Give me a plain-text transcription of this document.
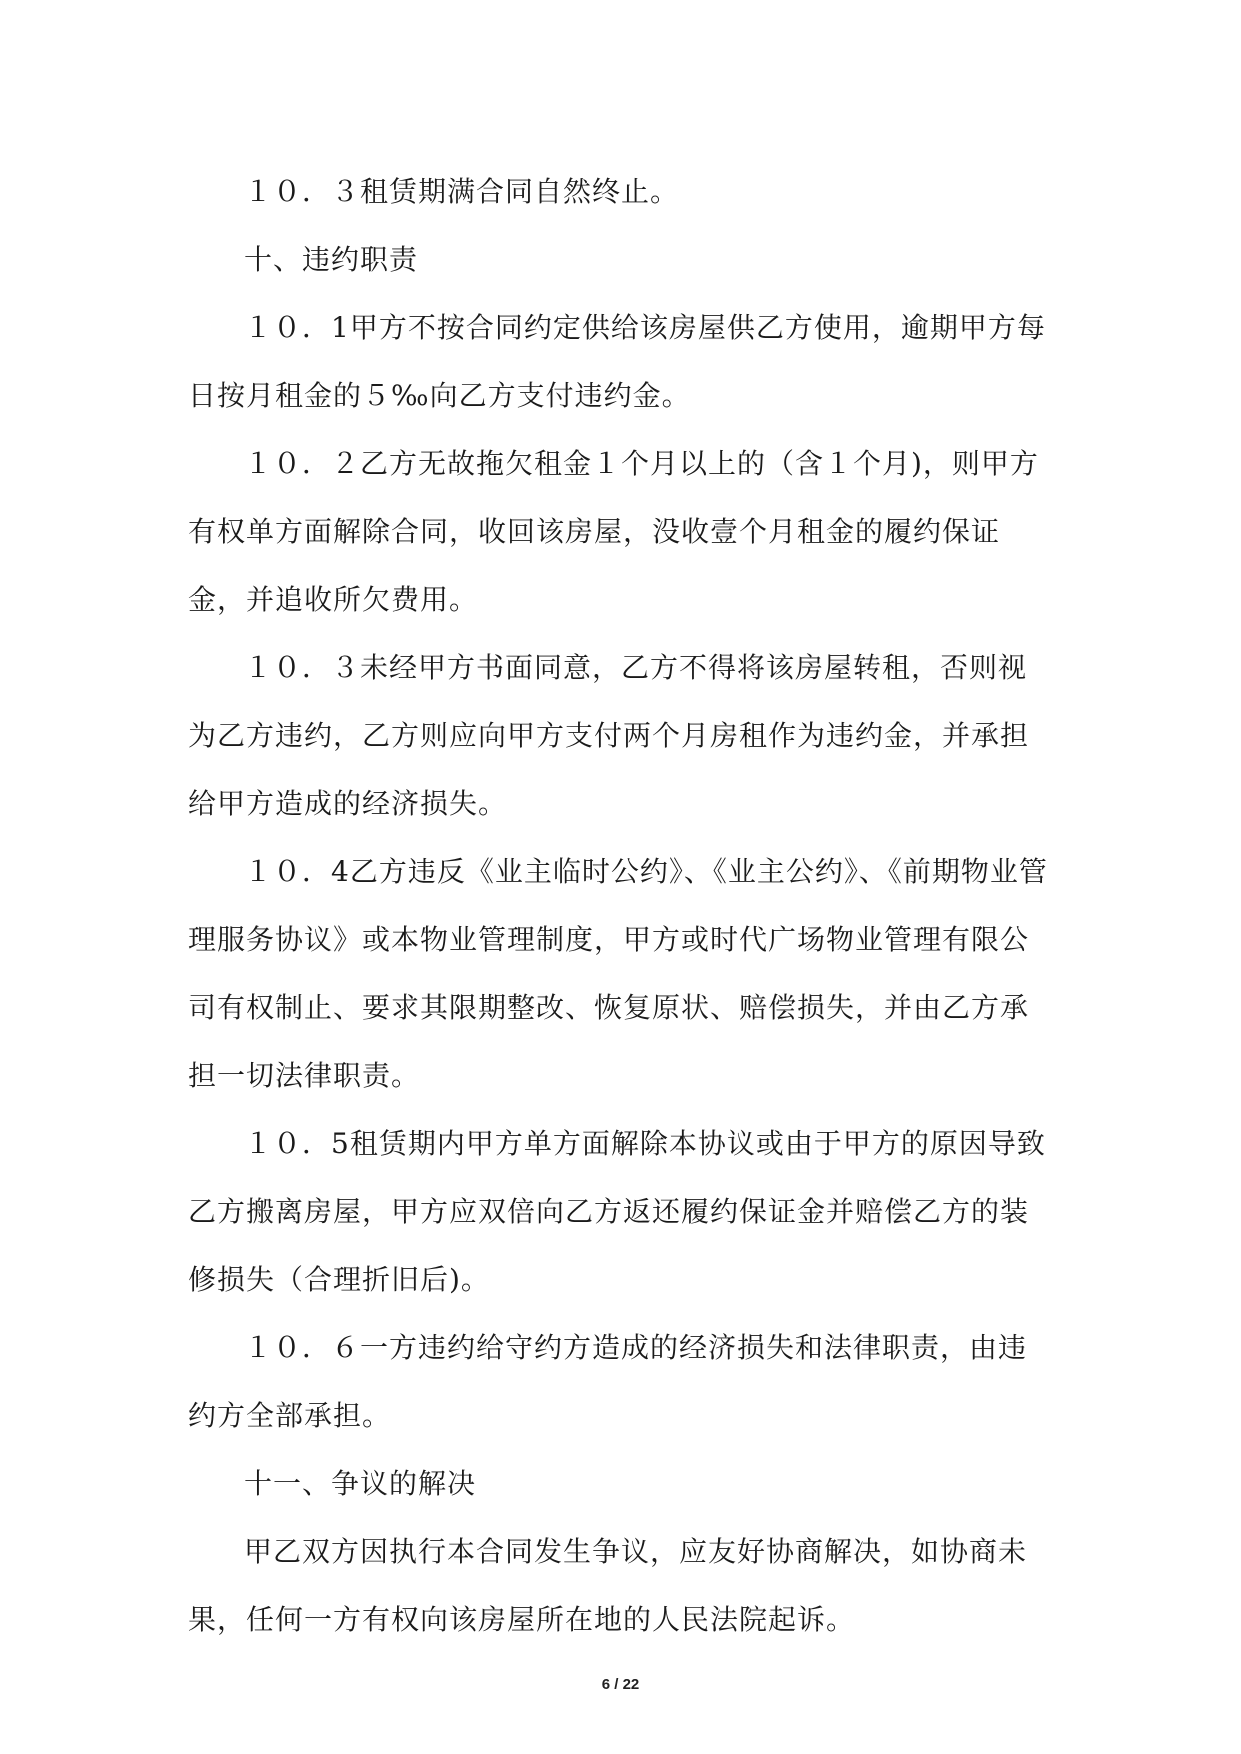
１０．３租赁期满合同自然终止。

十、违约职责

１０．1甲方不按合同约定供给该房屋供乙方使用，逾期甲方每日按月租金的５‰向乙方支付违约金。

１０．２乙方无故拖欠租金１个月以上的（含１个月)，则甲方有权单方面解除合同，收回该房屋，没收壹个月租金的履约保证金，并追收所欠费用。

１０．３未经甲方书面同意，乙方不得将该房屋转租，否则视为乙方违约，乙方则应向甲方支付两个月房租作为违约金，并承担给甲方造成的经济损失。

１０．4乙方违反《业主临时公约》、《业主公约》、《前期物业管理服务协议》或本物业管理制度，甲方或时代广场物业管理有限公司有权制止、要求其限期整改、恢复原状、赔偿损失，并由乙方承担一切法律职责。

１０．5租赁期内甲方单方面解除本协议或由于甲方的原因导致乙方搬离房屋，甲方应双倍向乙方返还履约保证金并赔偿乙方的装修损失（合理折旧后)。

１０．６一方违约给守约方造成的经济损失和法律职责，由违约方全部承担。

十一、争议的解决

甲乙双方因执行本合同发生争议，应友好协商解决，如协商未果，任何一方有权向该房屋所在地的人民法院起诉。

6 / 22
